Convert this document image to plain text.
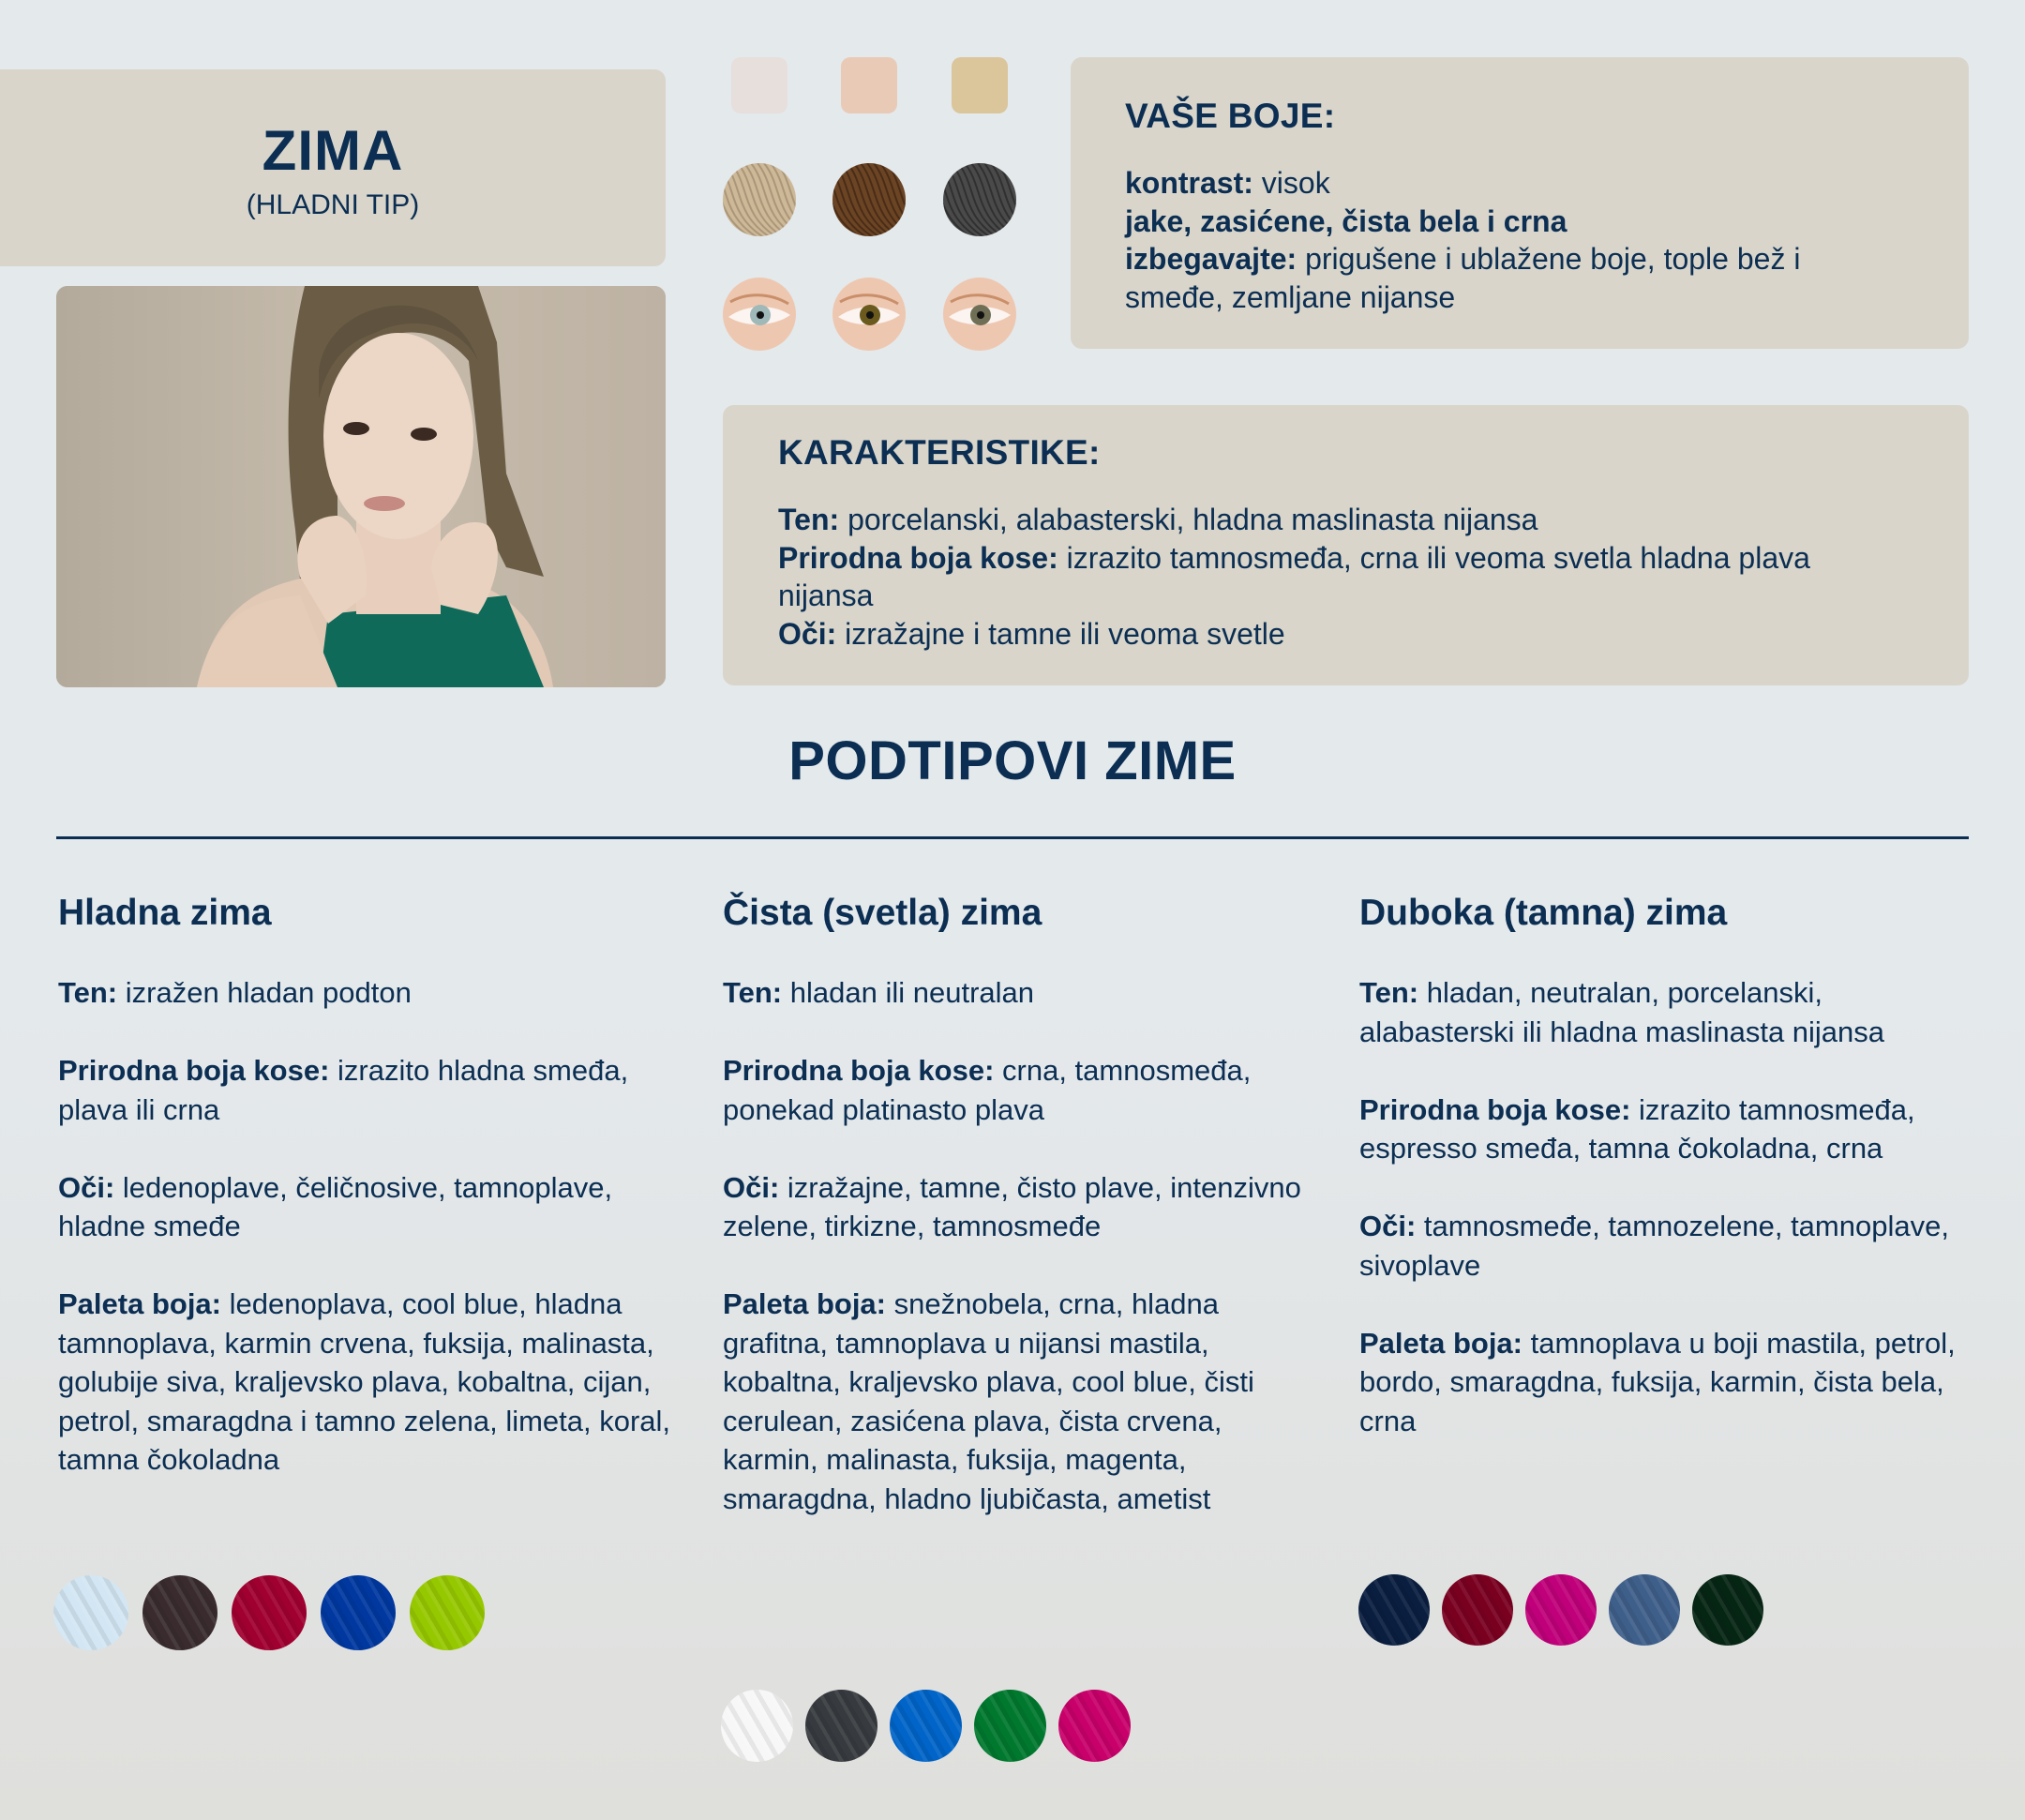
ZIMA
(HLADNI TIP)
VAŠE BOJE:
kontrast: visok
jake, zasićene, čista bela i crna
izbegavajte: prigušene i ublažene boje, tople bež i smeđe, zemljane nijanse
KARAKTERISTIKE:
Ten: porcelanski, alabasterski, hladna maslinasta nijansa
Prirodna boja kose: izrazito tamnosmeđa, crna ili veoma svetla hladna plava nijansa
Oči: izražajne i tamne ili veoma svetle
PODTIPOVI ZIME
Hladna zima
Ten: izražen hladan podton
Prirodna boja kose: izrazito hladna smeđa, plava ili crna
Oči: ledenoplave, čeličnosive, tamnoplave, hladne smeđe
Paleta boja: ledenoplava, cool blue, hladna tamnoplava, karmin crvena, fuksija, malinasta, golubije siva, kraljevsko plava, kobaltna, cijan, petrol, smaragdna i tamno zelena, limeta, koral, tamna čokoladna
Čista (svetla) zima
Ten: hladan ili neutralan
Prirodna boja kose: crna, tamnosmeđa, ponekad platinasto plava
Oči: izražajne, tamne, čisto plave, intenzivno zelene, tirkizne, tamnosmeđe
Paleta boja: snežnobela, crna, hladna grafitna, tamnoplava u nijansi mastila, kobaltna, kraljevsko plava, cool blue, čisti cerulean, zasićena plava, čista crvena, karmin, malinasta, fuksija, magenta, smaragdna, hladno ljubičasta, ametist
Duboka (tamna) zima
Ten: hladan, neutralan, porcelanski, alabasterski ili hladna maslinasta nijansa
Prirodna boja kose: izrazito tamnosmeđa, espresso smeđa, tamna čokoladna, crna
Oči: tamnosmeđe, tamnozelene, tamnoplave, sivoplave
Paleta boja: tamnoplava u boji mastila, petrol, bordo, smaragdna, fuksija, karmin, čista bela, crna
